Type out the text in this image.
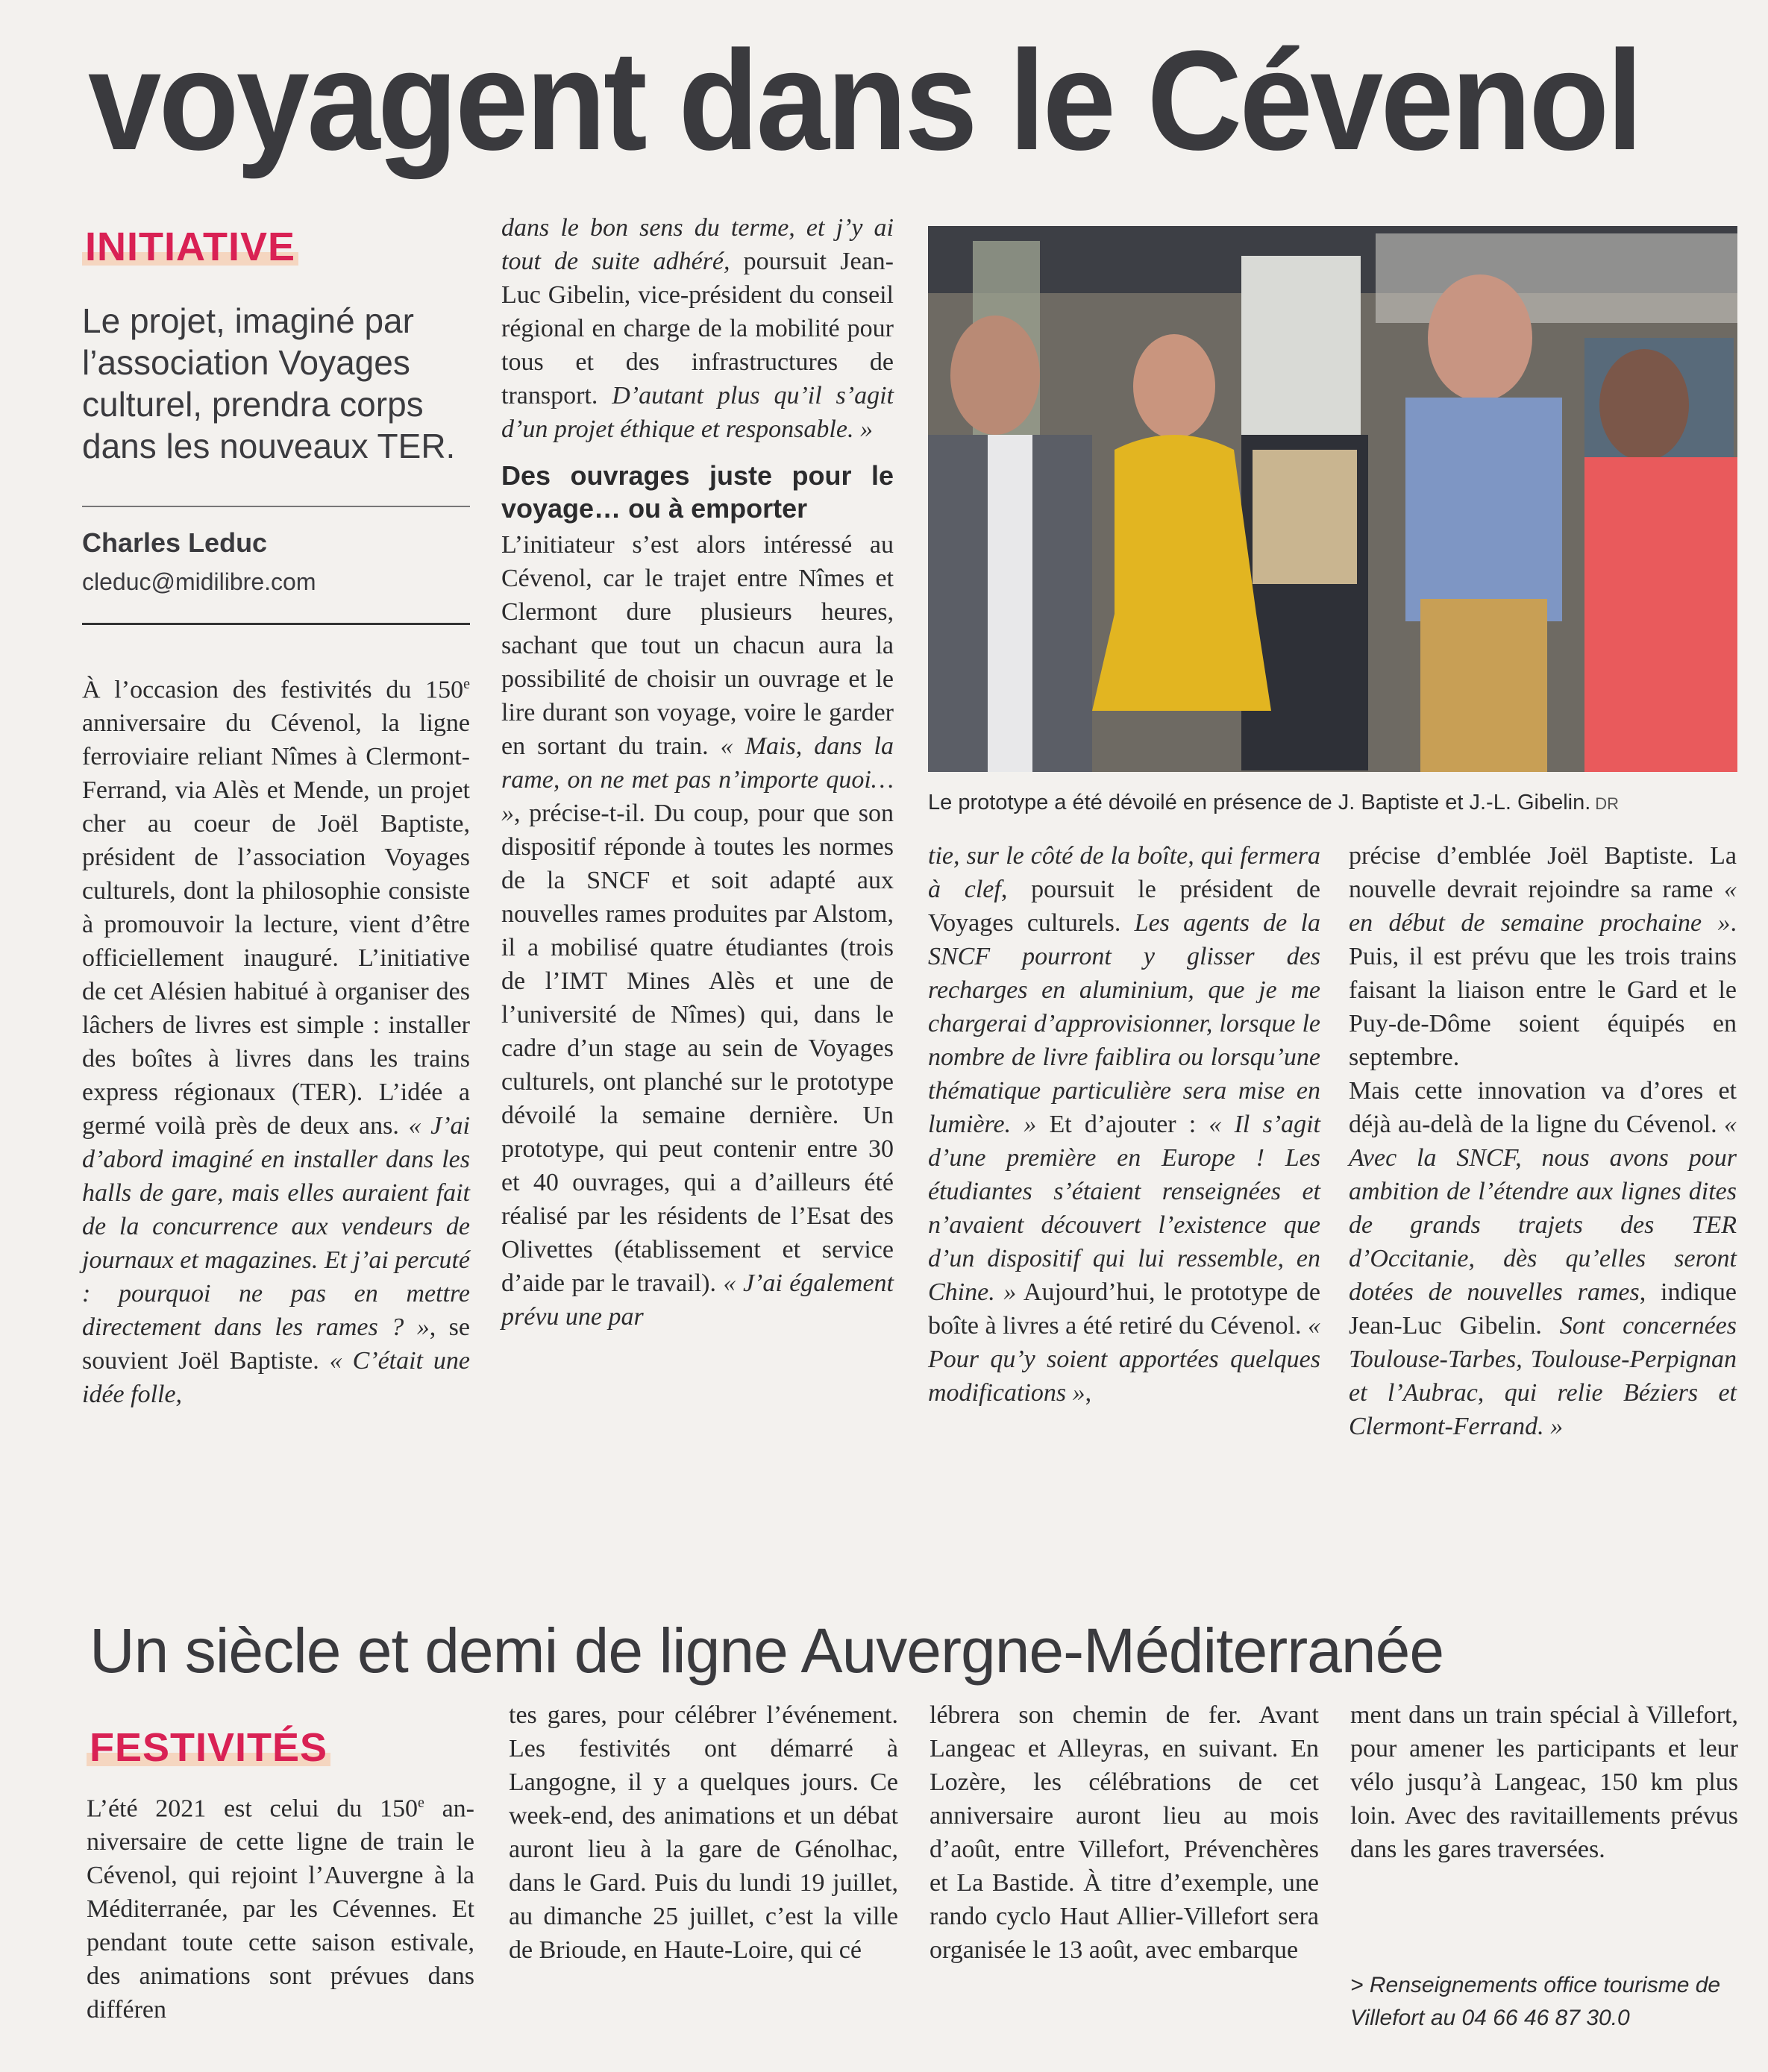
voyagent dans le Cévenol
INITIATIVE
Le projet, imaginé par l’association Voyages culturel, prendra corps dans les nouveaux TER.
Charles Leduc
cleduc@midilibre.com
À l’occasion des festivités du 150e anniversaire du Cévenol, la ligne ferroviaire reliant Nîmes à Clermont-Ferrand, via Alès et Mende, un projet cher au coeur de Joël Baptiste, président de l’association Voyages culturels, dont la philosophie consiste à promouvoir la lecture, vient d’être officiellement inauguré. L’initiative de cet Alésien habitué à organiser des lâchers de livres est simple : installer des boîtes à livres dans les trains express régionaux (TER). L’idée a germé voilà près de deux ans. « J’ai d’abord imaginé en installer dans les halls de gare, mais elles auraient fait de la concurrence aux vendeurs de journaux et magazines. Et j’ai percuté : pourquoi ne pas en mettre directement dans les rames ? », se souvient Joël Baptiste. « C’était une idée folle,
dans le bon sens du terme, et j’y ai tout de suite adhéré, poursuit Jean-Luc Gibelin, vice-président du conseil régional en charge de la mobilité pour tous et des infrastructures de transport. D’autant plus qu’il s’agit d’un projet éthique et responsable. »
Des ouvrages juste pour le voyage… ou à emporter
L’initiateur s’est alors intéressé au Cévenol, car le trajet entre Nîmes et Clermont dure plusieurs heures, sachant que tout un chacun aura la possibilité de choisir un ouvrage et le lire durant son voyage, voire le garder en sortant du train. « Mais, dans la rame, on ne met pas n’importe quoi… », précise-t-il. Du coup, pour que son dispositif réponde à toutes les normes de la SNCF et soit adapté aux nouvelles rames produites par Alstom, il a mobilisé quatre étudiantes (trois de l’IMT Mines Alès et une de l’université de Nîmes) qui, dans le cadre d’un stage au sein de Voyages culturels, ont planché sur le prototype dévoilé la semaine dernière. Un prototype, qui peut contenir entre 30 et 40 ouvrages, qui a d’ailleurs été réalisé par les résidents de l’Esat des Olivettes (établissement et service d’aide par le travail). « J’ai également prévu une par
Le prototype a été dévoilé en présence de J. Baptiste et J.-L. Gibelin. DR
tie, sur le côté de la boîte, qui fermera à clef, poursuit le président de Voyages culturels. Les agents de la SNCF pourront y glisser des recharges en aluminium, que je me chargerai d’approvisionner, lorsque le nombre de livre faiblira ou lorsqu’une thématique particulière sera mise en lumière. » Et d’ajouter : « Il s’agit d’une première en Europe ! Les étudiantes s’étaient renseignées et n’avaient découvert l’existence que d’un dispositif qui lui ressemble, en Chine. » Aujourd’hui, le prototype de boîte à livres a été retiré du Cévenol. « Pour qu’y soient apportées quelques modifications »,
précise d’emblée Joël Baptiste. La nouvelle devrait rejoindre sa rame « en début de semaine prochaine ». Puis, il est prévu que les trois trains faisant la liaison entre le Gard et le Puy-de-Dôme soient équipés en septembre.
Mais cette innovation va d’ores et déjà au-delà de la ligne du Cévenol. « Avec la SNCF, nous avons pour ambition de l’étendre aux lignes dites de grands trajets des TER d’Occitanie, dès qu’elles seront dotées de nouvelles rames, indique Jean-Luc Gibelin. Sont concernées Toulouse-Tarbes, Toulouse-Perpignan et l’Aubrac, qui relie Béziers et Clermont-Ferrand. »
Un siècle et demi de ligne Auvergne-Méditerranée
FESTIVITÉS
L’été 2021 est celui du 150e anniversaire de cette ligne de train le Cévenol, qui rejoint l’Auvergne à la Méditerranée, par les Cévennes. Et pendant toute cette saison estivale, des animations sont prévues dans différen
tes gares, pour célébrer l’événement. Les festivités ont démarré à Langogne, il y a quelques jours. Ce week-end, des animations et un débat auront lieu à la gare de Génolhac, dans le Gard. Puis du lundi 19 juillet, au dimanche 25 juillet, c’est la ville de Brioude, en Haute-Loire, qui cé
lébrera son chemin de fer. Avant Langeac et Alleyras, en suivant. En Lozère, les célébrations de cet anniversaire auront lieu au mois d’août, entre Villefort, Prévenchères et La Bastide. À titre d’exemple, une rando cyclo Haut Allier-Villefort sera organisée le 13 août, avec embarque
ment dans un train spécial à Villefort, pour amener les participants et leur vélo jusqu’à Langeac, 150 km plus loin. Avec des ravitaillements prévus dans les gares traversées.
> Renseignements office tourisme de Villefort au 04 66 46 87 30.0
